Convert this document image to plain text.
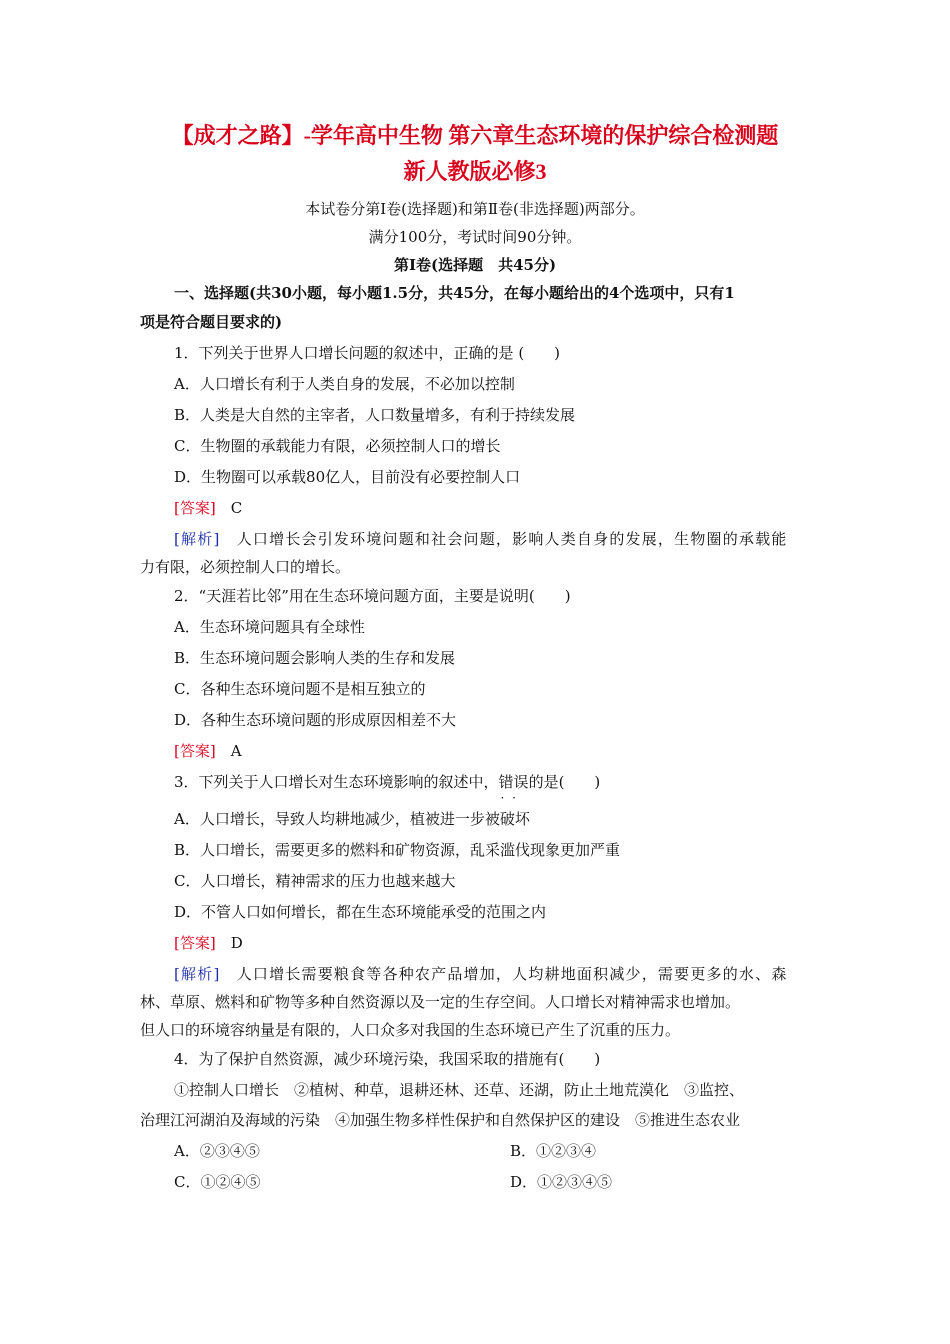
【成才之路】-学年高中生物 第六章生态环境的保护综合检测题
新人教版必修3
本试卷分第Ⅰ卷(选择题)和第Ⅱ卷(非选择题)两部分。
满分100分，考试时间90分钟。
第Ⅰ卷(选择题　共45分)
一、选择题(共30小题，每小题1.5分，共45分，在每小题给出的4个选项中，只有1
项是符合题目要求的)
1．下列关于世界人口增长问题的叙述中，正确的是 (　　)
A．人口增长有利于人类自身的发展，不必加以控制
B．人类是大自然的主宰者，人口数量增多，有利于持续发展
C．生物圈的承载能力有限，必须控制人口的增长
D．生物圈可以承载80亿人，目前没有必要控制人口
[答案]　 C
[解析]　 人口增长会引发环境问题和社会问题，影响人类自身的发展，生物圈的承载能
力有限，必须控制人口的增长。
2．“天涯若比邻”用在生态环境问题方面，主要是说明(　　)
A．生态环境问题具有全球性
B．生态环境问题会影响人类的生存和发展
C．各种生态环境问题不是相互独立的
D．各种生态环境问题的形成原因相差不大
[答案]　 A
3．下列关于人口增长对生态环境影响的叙述中，错误 · ·的是(　　)
A．人口增长，导致人均耕地减少，植被进一步被破坏
B．人口增长，需要更多的燃料和矿物资源，乱采滥伐现象更加严重
C．人口增长，精神需求的压力也越来越大
D．不管人口如何增长，都在生态环境能承受的范围之内
[答案]　 D
[解析]　 人口增长需要粮食等各种农产品增加，人均耕地面积减少，需要更多的水、森
林、草原、燃料和矿物等多种自然资源以及一定的生存空间。人口增长对精神需求也增加。
但人口的环境容纳量是有限的，人口众多对我国的生态环境已产生了沉重的压力。
4．为了保护自然资源，减少环境污染，我国采取的措施有(　　)
①控制人口增长　②植树、种草，退耕还林、还草、还湖，防止土地荒漠化　③监控、
治理江河湖泊及海域的污染　④加强生物多样性保护和自然保护区的建设　⑤推进生态农业
A．②③④⑤	B．①②③④
C．①②④⑤	D．①②③④⑤
